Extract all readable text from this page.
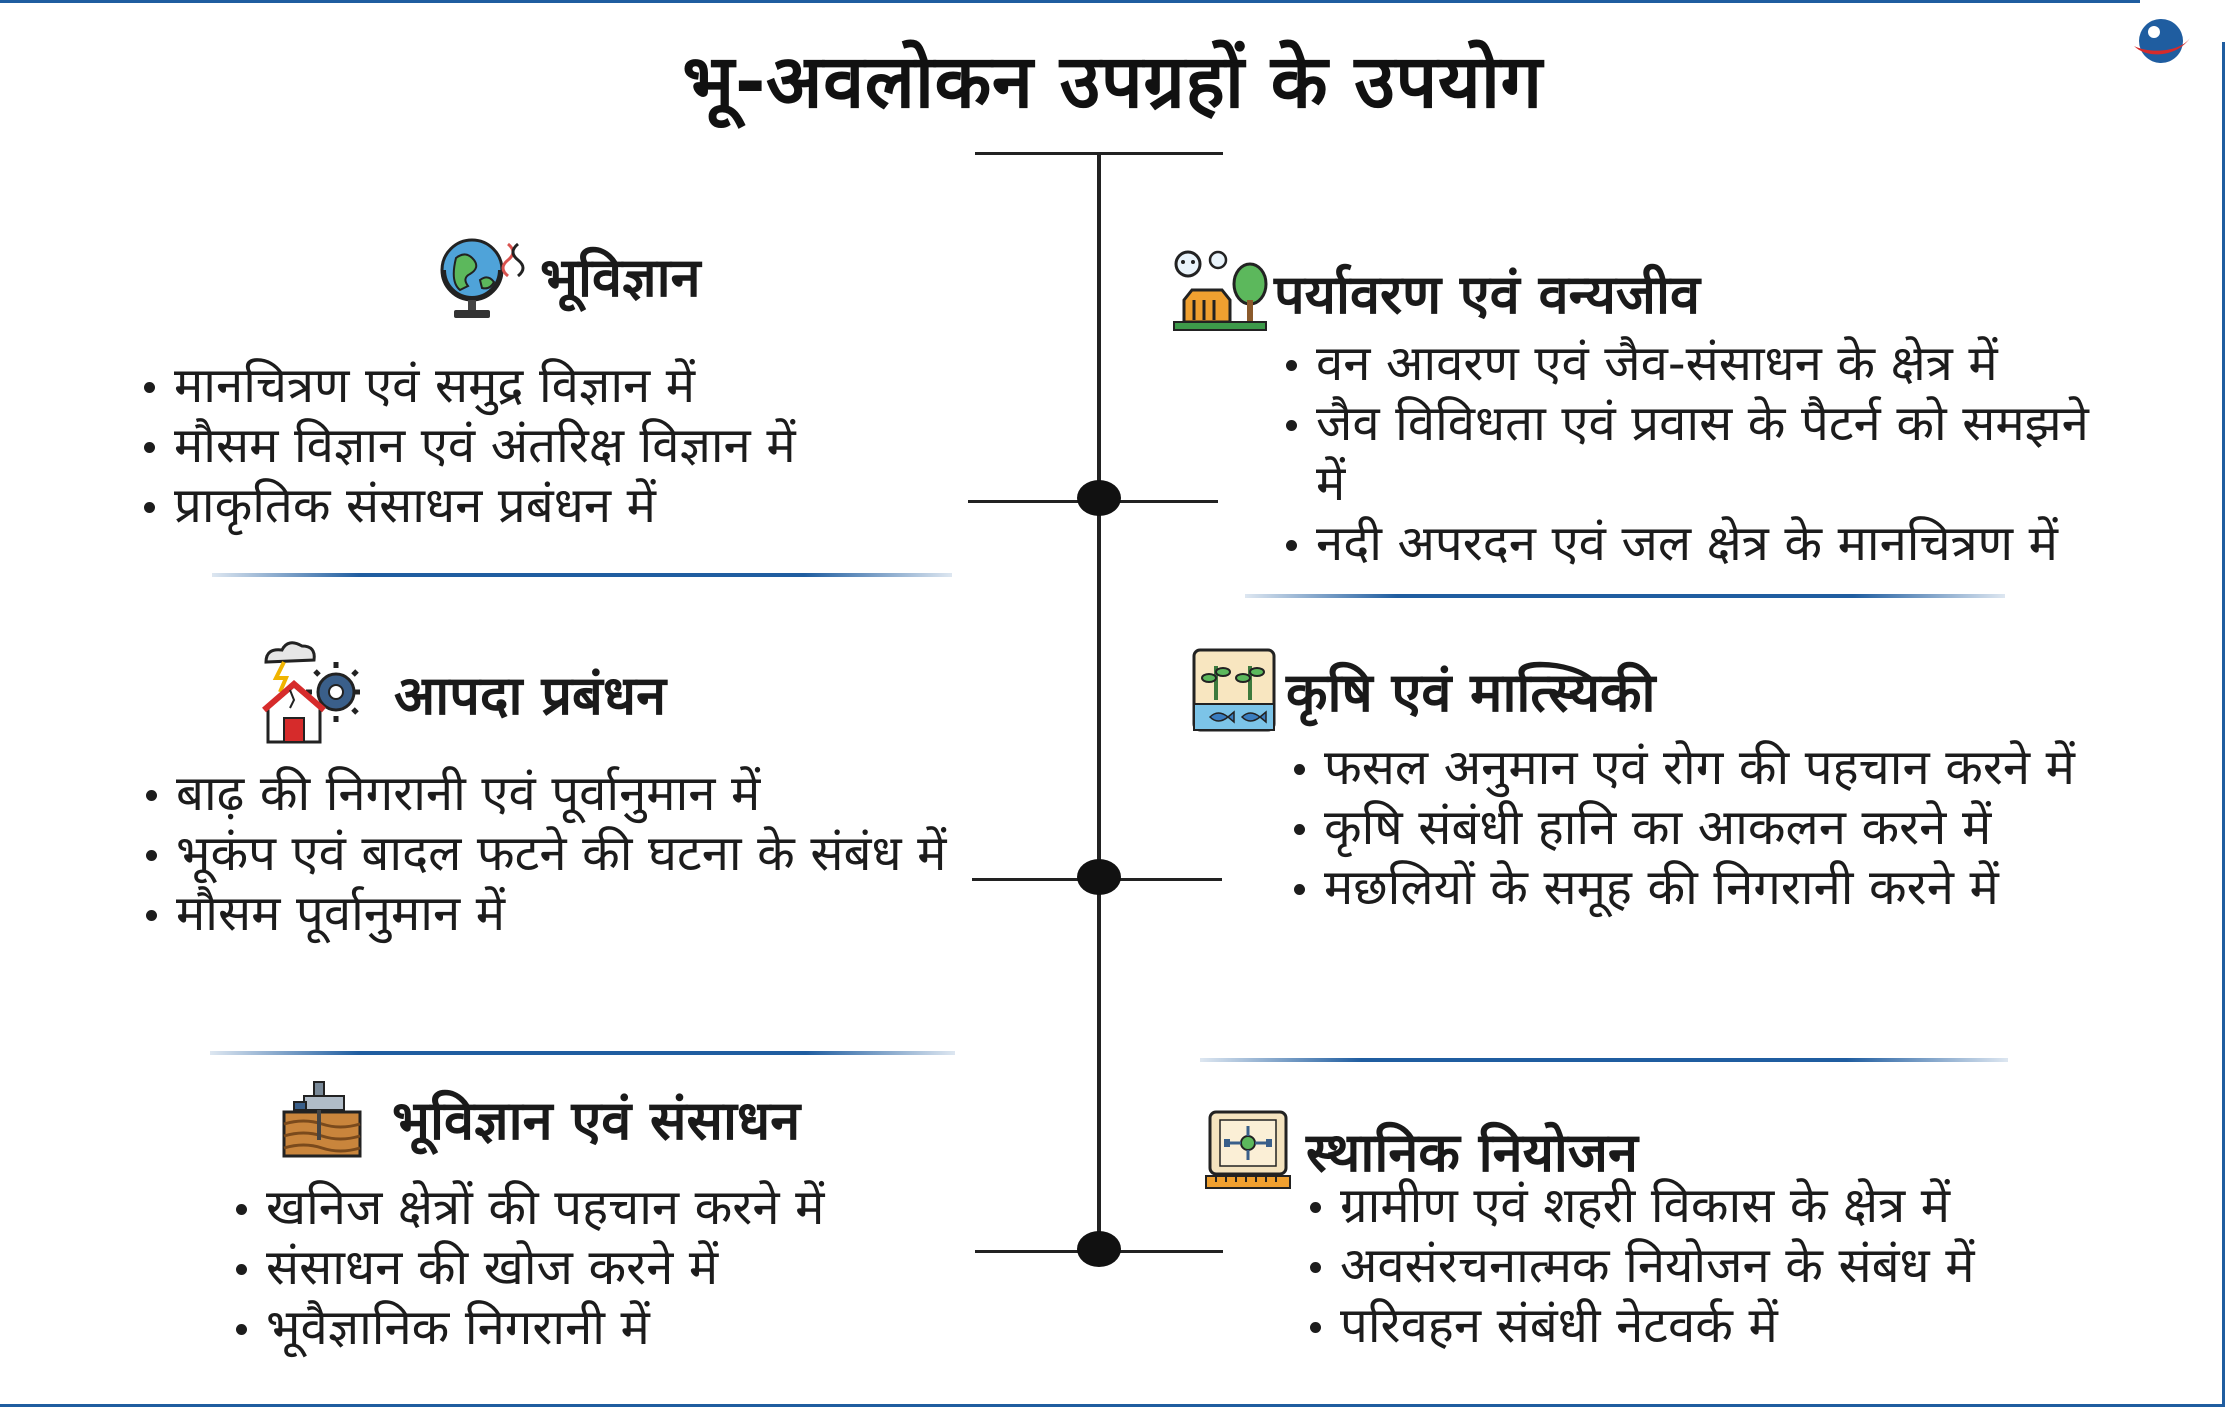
भू-अवलोकन उपग्रहों के उपयोग
भूविज्ञान
मानचित्रण एवं समुद्र विज्ञान में
मौसम विज्ञान एवं अंतरिक्ष विज्ञान में
प्राकृतिक संसाधन प्रबंधन में
पर्यावरण एवं वन्यजीव
वन आवरण एवं जैव-संसाधन के क्षेत्र में
जैव विविधता एवं प्रवास के पैटर्न को समझने में
नदी अपरदन एवं जल क्षेत्र के मानचित्रण में
आपदा प्रबंधन
बाढ़ की निगरानी एवं पूर्वानुमान में
भूकंप एवं बादल फटने की घटना के संबंध में
मौसम पूर्वानुमान में
कृषि एवं मात्स्यिकी
फसल अनुमान एवं रोग की पहचान करने में
कृषि संबंधी हानि का आकलन करने में
मछलियों के समूह की निगरानी करने में
भूविज्ञान एवं संसाधन
खनिज क्षेत्रों की पहचान करने में
संसाधन की खोज करने में
भूवैज्ञानिक निगरानी में
स्थानिक नियोजन
ग्रामीण एवं शहरी विकास के क्षेत्र में
अवसंरचनात्मक नियोजन के संबंध में
परिवहन संबंधी नेटवर्क में
